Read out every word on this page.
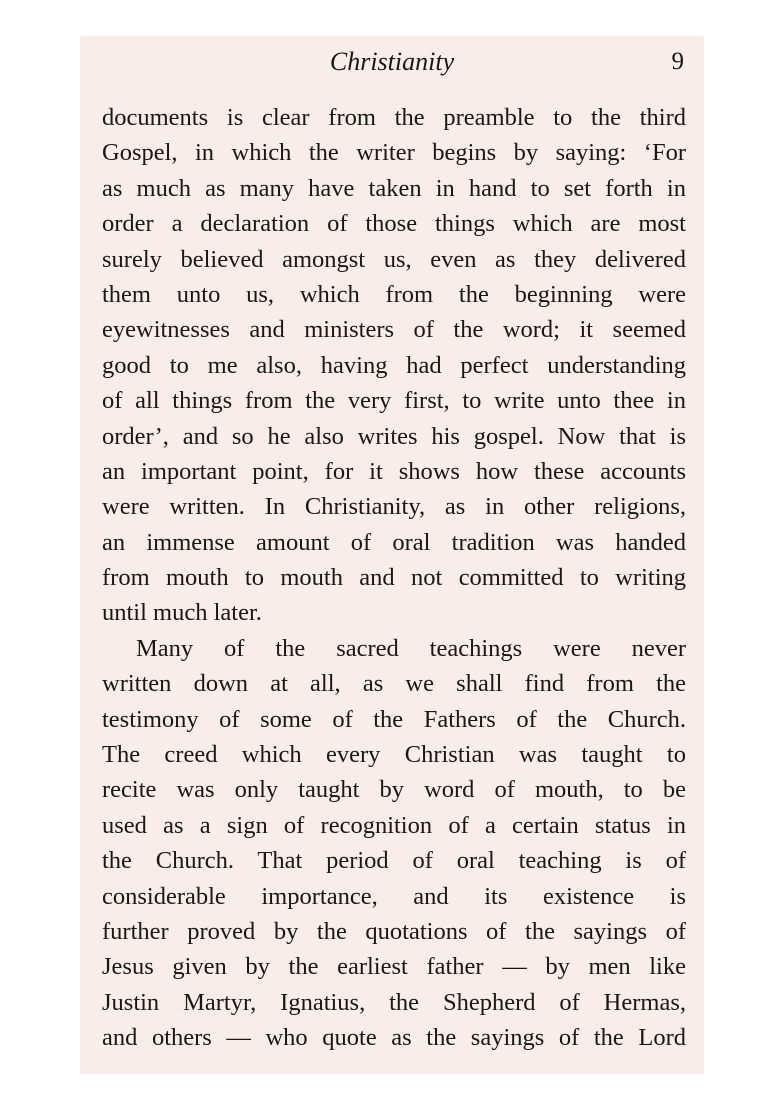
Christianity	9
documents is clear from the preamble to the third
Gospel, in which the writer begins by saying: ‘For
as much as many have taken in hand to set forth in
order a declaration of those things which are most
surely believed amongst us, even as they delivered
them unto us, which from the beginning were
eyewitnesses and ministers of the word; it seemed
good to me also, having had perfect understanding
of all things from the very first, to write unto thee in
order’, and so he also writes his gospel. Now that is
an important point, for it shows how these accounts
were written. In Christianity, as in other religions,
an immense amount of oral tradition was handed
from mouth to mouth and not committed to writing
until much later.
Many of the sacred teachings were never
written down at all, as we shall find from the
testimony of some of the Fathers of the Church.
The creed which every Christian was taught to
recite was only taught by word of mouth, to be
used as a sign of recognition of a certain status in
the Church. That period of oral teaching is of
considerable importance, and its existence is
further proved by the quotations of the sayings of
Jesus given by the earliest father — by men like
Justin Martyr, Ignatius, the Shepherd of Hermas,
and others — who quote as the sayings of the Lord
